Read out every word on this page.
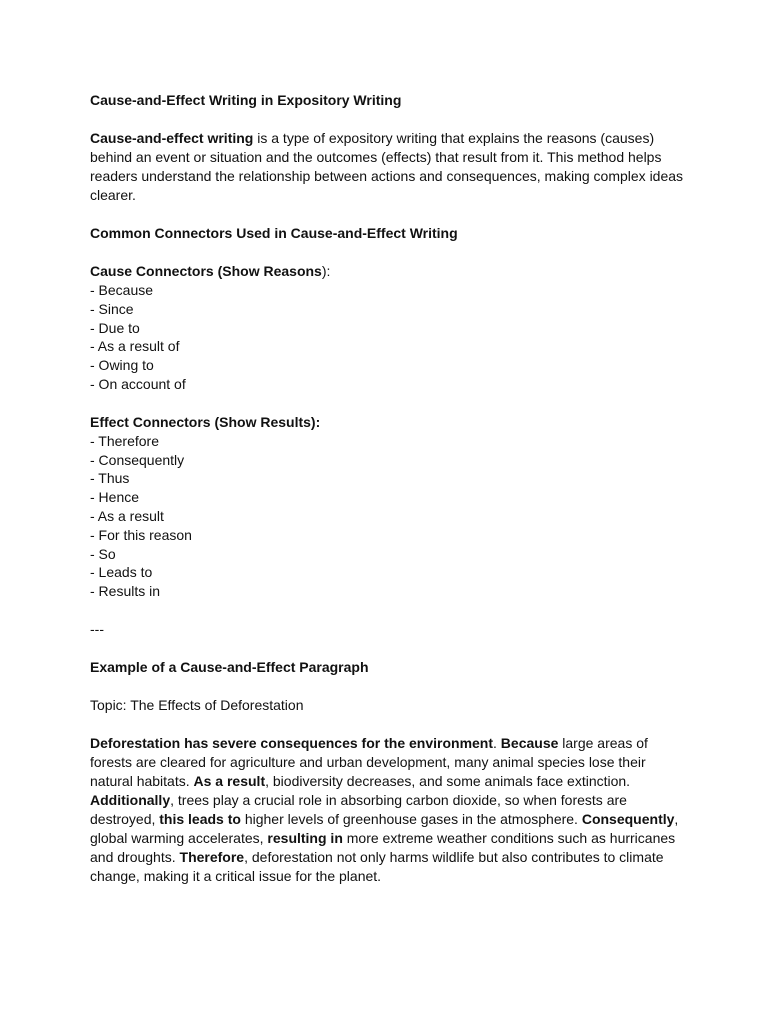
Cause-and-Effect Writing in Expository Writing
Cause-and-effect writing is a type of expository writing that explains the reasons (causes)
behind an event or situation and the outcomes (effects) that result from it. This method helps
readers understand the relationship between actions and consequences, making complex ideas
clearer.
Common Connectors Used in Cause-and-Effect Writing
Cause Connectors (Show Reasons):
- Because
- Since
- Due to
- As a result of
- Owing to
- On account of
Effect Connectors (Show Results):
- Therefore
- Consequently
- Thus
- Hence
- As a result
- For this reason
- So
- Leads to
- Results in
---
Example of a Cause-and-Effect Paragraph
Topic: The Effects of Deforestation
Deforestation has severe consequences for the environment. Because large areas of
forests are cleared for agriculture and urban development, many animal species lose their
natural habitats. As a result, biodiversity decreases, and some animals face extinction.
Additionally, trees play a crucial role in absorbing carbon dioxide, so when forests are
destroyed, this leads to higher levels of greenhouse gases in the atmosphere. Consequently,
global warming accelerates, resulting in more extreme weather conditions such as hurricanes
and droughts. Therefore, deforestation not only harms wildlife but also contributes to climate
change, making it a critical issue for the planet.
